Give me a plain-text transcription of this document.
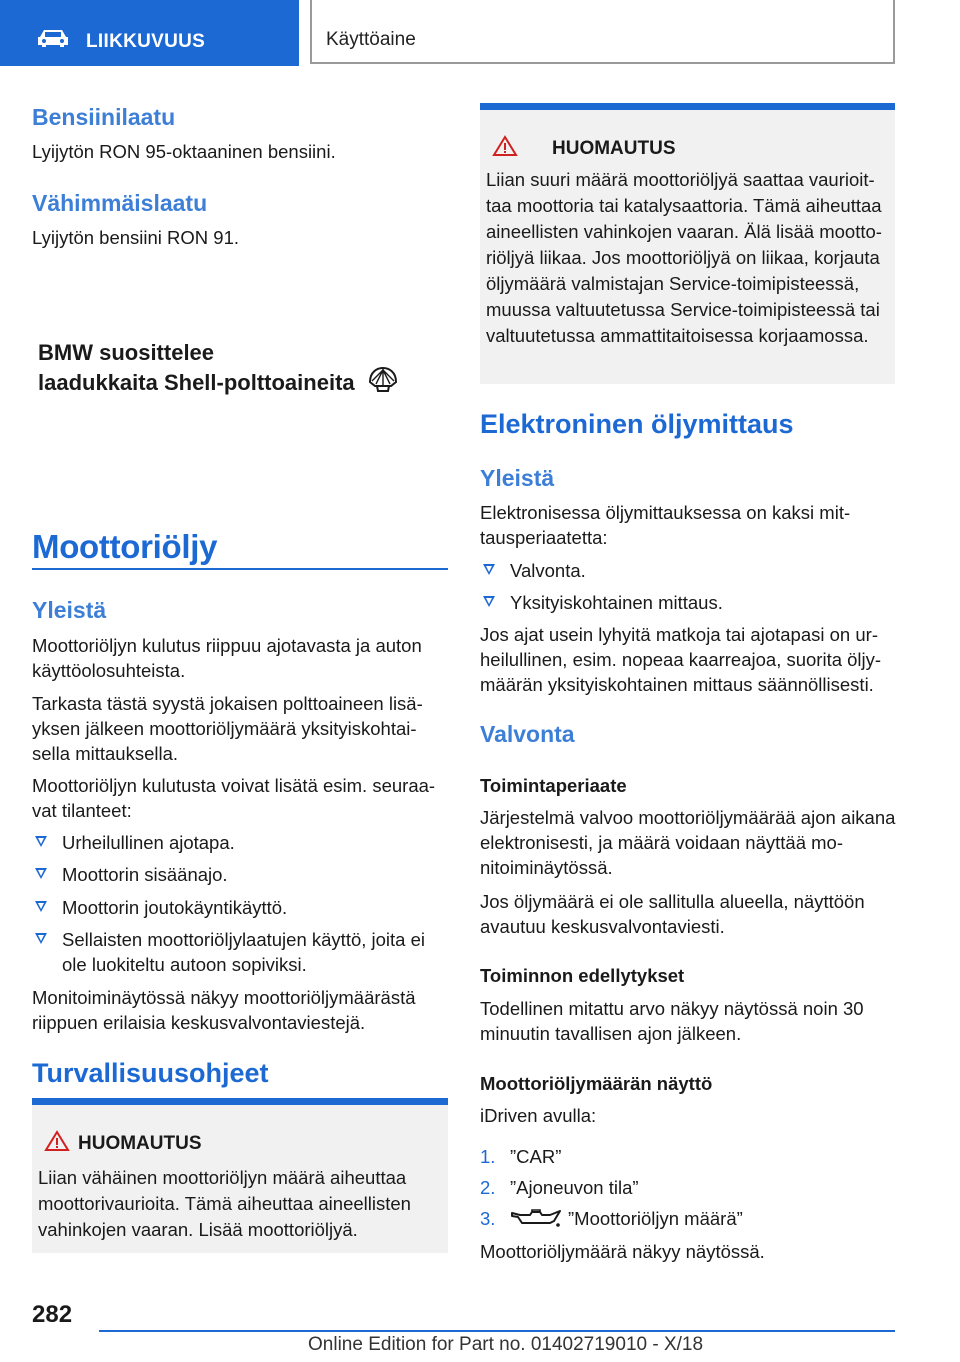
LIIKKUVUUS	Käyttöaine
Bensiinilaatu
Lyijytön RON 95-oktaaninen bensiini.
Vähimmäislaatu
Lyijytön bensiini RON 91.
BMW suosittelee
laadukkaita Shell-polttoaineita
Moottoriöljy
Yleistä
Moottoriöljyn kulutus riippuu ajotavasta ja auton käyttöolosuhteista.
Tarkasta tästä syystä jokaisen polttoaineen lisäyksen jälkeen moottoriöljymäärä yksityiskohtaisella mittauksella.
Moottoriöljyn kulutusta voivat lisätä esim. seuraavat tilanteet:
Urheilullinen ajotapa.
Moottorin sisäänajo.
Moottorin joutokäyntikäyttö.
Sellaisten moottoriöljylaatujen käyttö, joita ei ole luokiteltu autoon sopiviksi.
Monitoiminäytössä näkyy moottoriöljymäärästä riippuen erilaisia keskusvalvontaviestejä.
Turvallisuusohjeet
HUOMAUTUS
Liian vähäinen moottoriöljyn määrä aiheuttaa moottorivaurioita. Tämä aiheuttaa aineellisten vahinkojen vaaran. Lisää moottoriöljyä.
HUOMAUTUS
Liian suuri määrä moottoriöljyä saattaa vaurioittaa moottoria tai katalysaattoria. Tämä aiheuttaa aineellisten vahinkojen vaaran. Älä lisää moottoriöljyä liikaa. Jos moottoriöljyä on liikaa, korjauta öljymäärä valmistajan Service-toimipisteessä, muussa valtuutetussa Service-toimipisteessä tai valtuutetussa ammattitaitoisessa korjaamossa.
Elektroninen öljymittaus
Yleistä
Elektronisessa öljymittauksessa on kaksi mittausperiaatetta:
Valvonta.
Yksityiskohtainen mittaus.
Jos ajat usein lyhyitä matkoja tai ajotapasi on urheilullinen, esim. nopeaa kaarreajoa, suorita öljymäärän yksityiskohtainen mittaus säännöllisesti.
Valvonta
Toimintaperiaate
Järjestelmä valvoo moottoriöljymäärää ajon aikana elektronisesti, ja määrä voidaan näyttää monitoiminäytössä.
Jos öljymäärä ei ole sallitulla alueella, näyttöön avautuu keskusvalvontaviesti.
Toiminnon edellytykset
Todellinen mitattu arvo näkyy näytössä noin 30 minuutin tavallisen ajon jälkeen.
Moottoriöljymäärän näyttö
iDriven avulla:
1. ”CAR”
2. ”Ajoneuvon tila”
3.	”Moottoriöljyn määrä”
Moottoriöljymäärä näkyy näytössä.
282
Online Edition for Part no. 01402719010 - X/18
